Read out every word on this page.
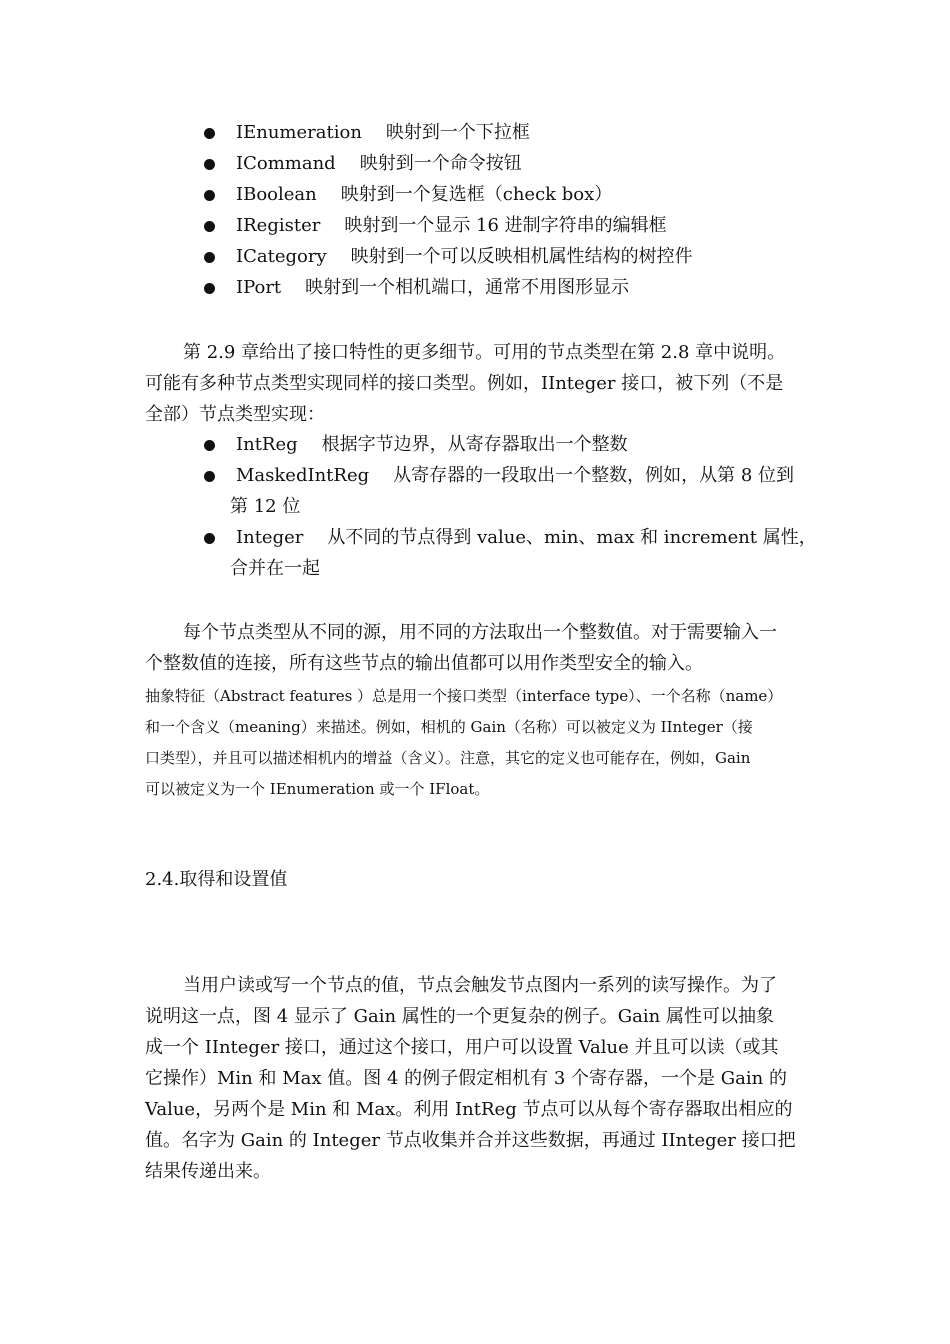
IEnumeration 映射到一个下拉框
ICommand 映射到一个命令按钮
IBoolean 映射到一个复选框（check box）
IRegister 映射到一个显示 16 进制字符串的编辑框
ICategory 映射到一个可以反映相机属性结构的树控件
IPort 映射到一个相机端口，通常不用图形显示
第 2.9 章给出了接口特性的更多细节。可用的节点类型在第 2.8 章中说明。
可能有多种节点类型实现同样的接口类型。例如，IInteger 接口，被下列（不是
全部）节点类型实现：
IntReg 根据字节边界，从寄存器取出一个整数
MaskedIntReg 从寄存器的一段取出一个整数，例如，从第 8 位到
第 12 位
Integer 从不同的节点得到 value、min、max 和 increment 属性，
合并在一起
每个节点类型从不同的源，用不同的方法取出一个整数值。对于需要输入一
个整数值的连接，所有这些节点的输出值都可以用作类型安全的输入。
抽象特征（Abstract features ）总是用一个接口类型（interface type）、一个名称（name）
和一个含义（meaning）来描述。例如，相机的 Gain（名称）可以被定义为 IInteger（接
口类型），并且可以描述相机内的增益（含义）。注意，其它的定义也可能存在，例如，Gain
可以被定义为一个 IEnumeration 或一个 IFloat。
2.4.取得和设置值
当用户读或写一个节点的值，节点会触发节点图内一系列的读写操作。为了
说明这一点，图 4 显示了 Gain 属性的一个更复杂的例子。Gain 属性可以抽象
成一个 IInteger 接口，通过这个接口，用户可以设置 Value 并且可以读（或其
它操作）Min 和 Max 值。图 4 的例子假定相机有 3 个寄存器，一个是 Gain 的
Value，另两个是 Min 和 Max。利用 IntReg 节点可以从每个寄存器取出相应的
值。名字为 Gain 的 Integer 节点收集并合并这些数据，再通过 IInteger 接口把
结果传递出来。
